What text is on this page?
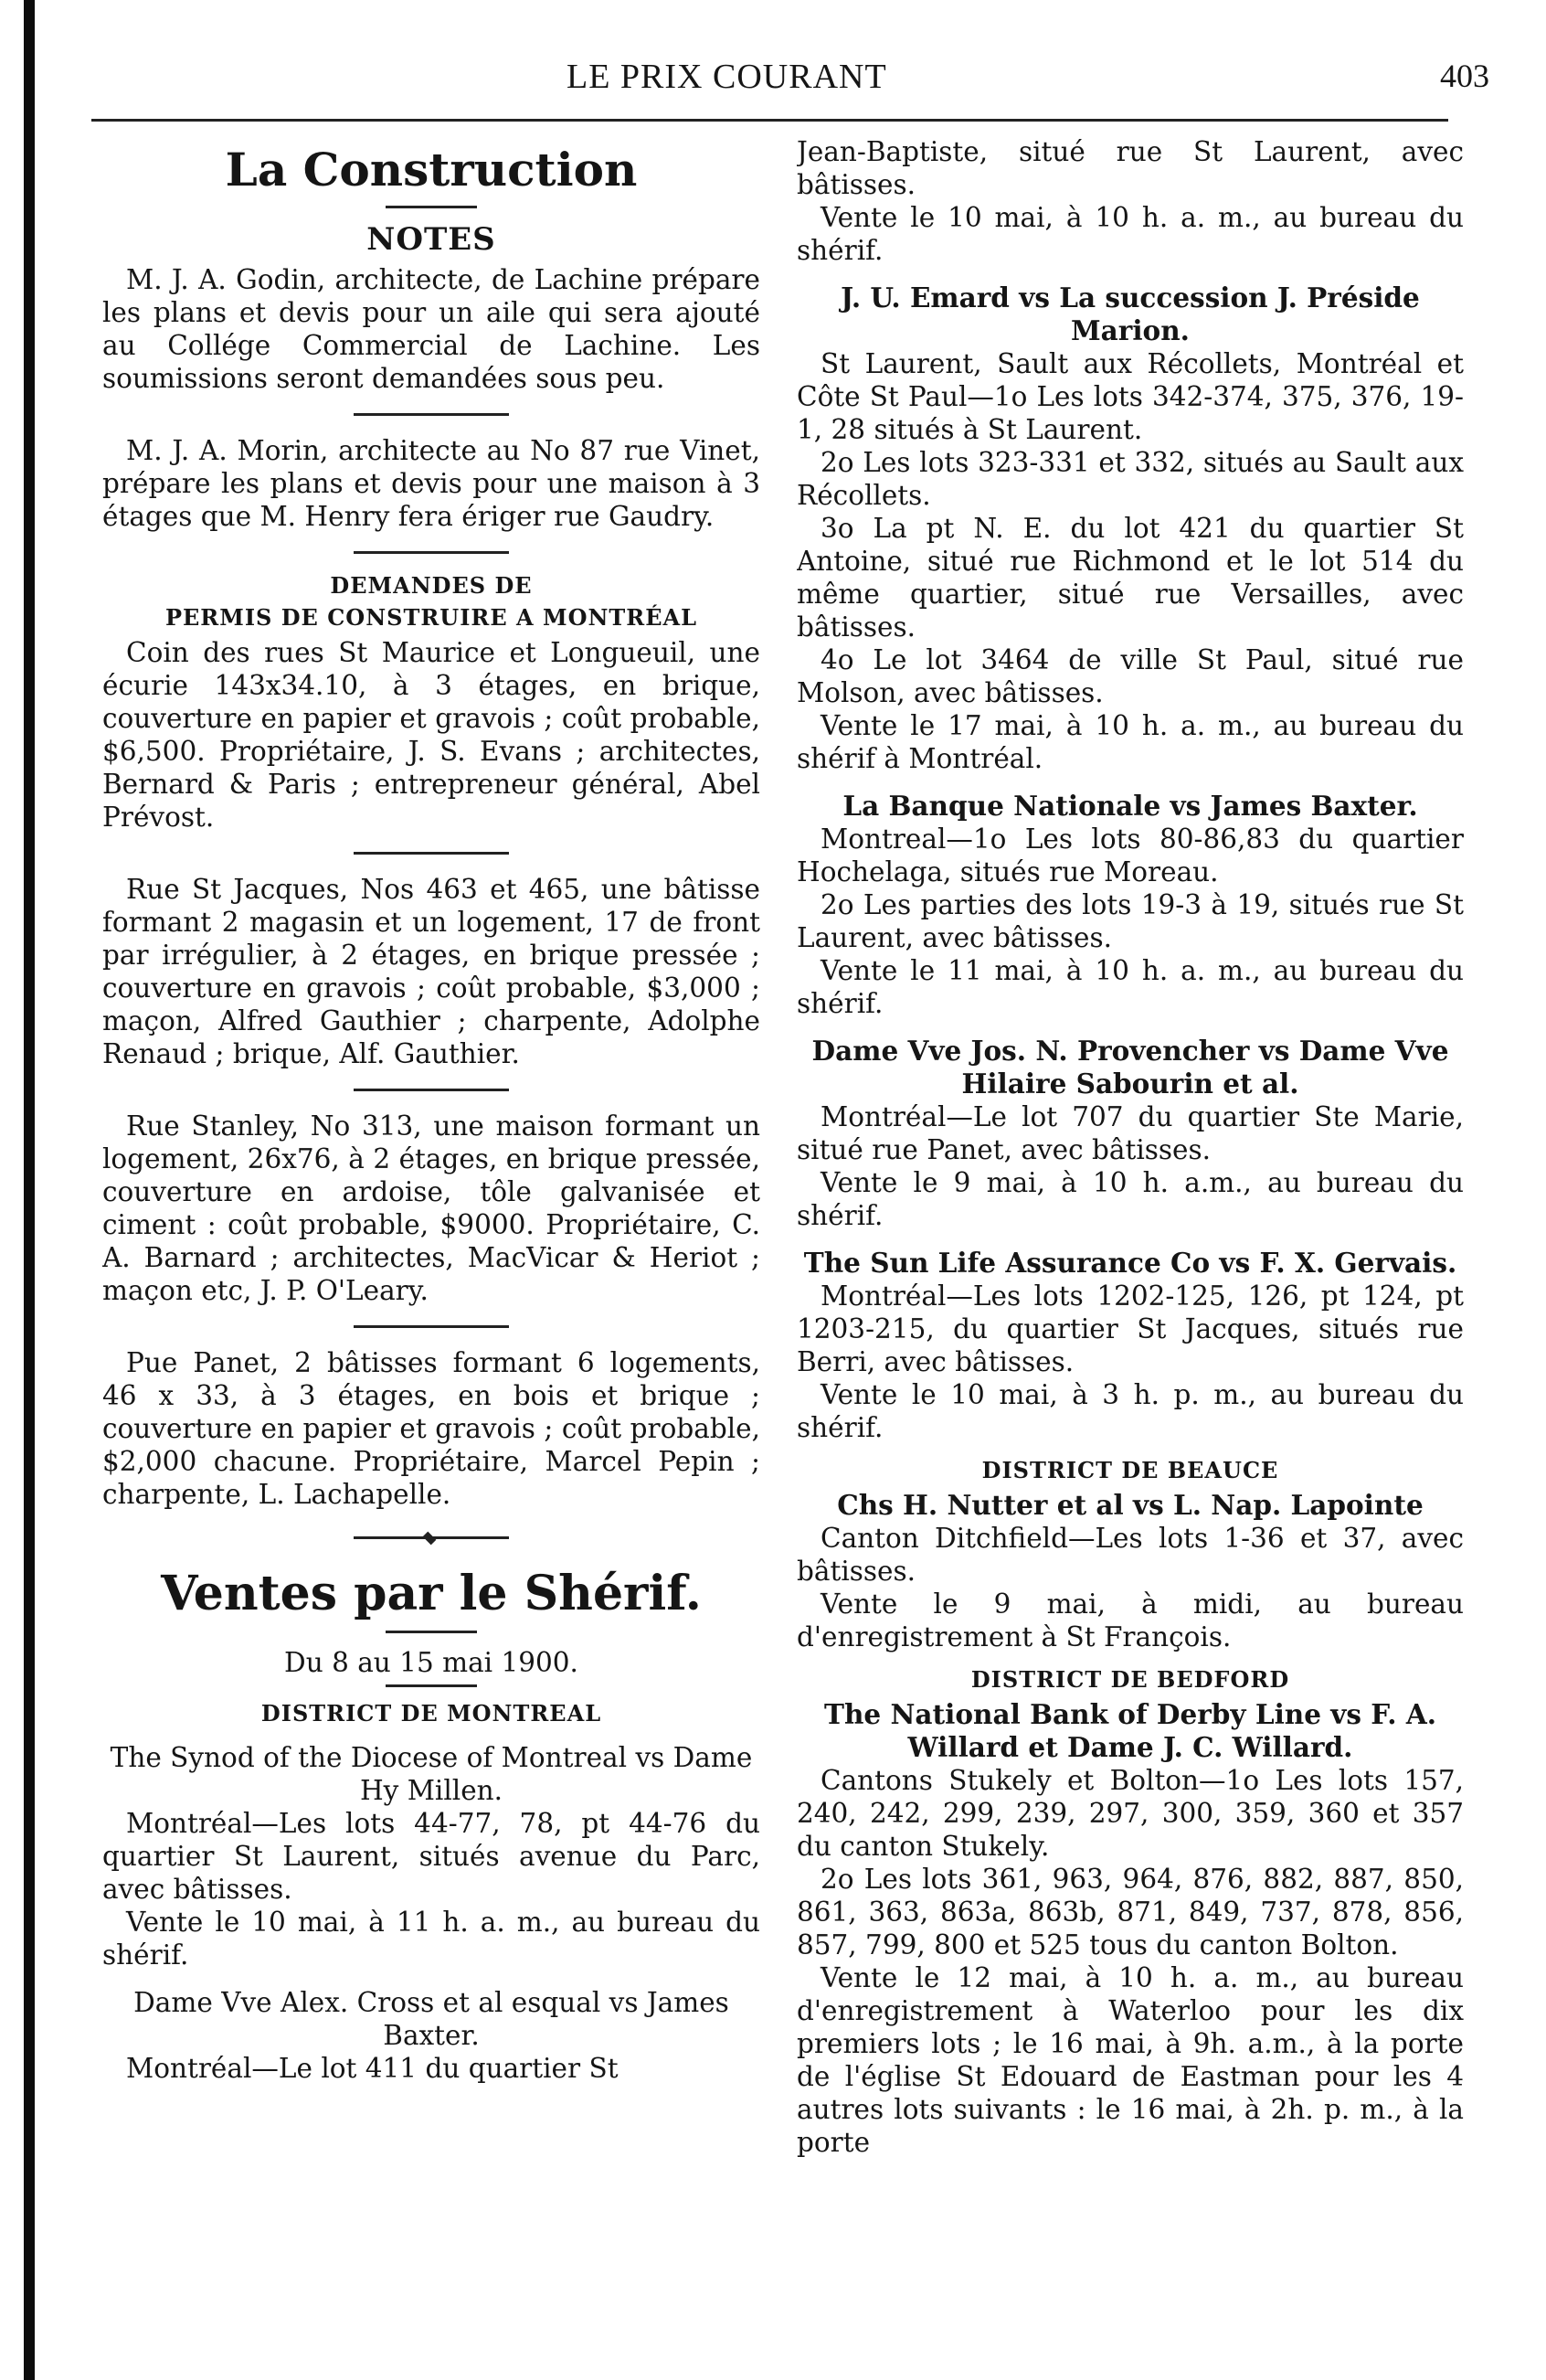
LE PRIX COURANT	403
La Construction
NOTES

M. J. A. Godin, architecte, de Lachine prépare les plans et devis pour un aile qui sera ajouté au Collége Commercial de Lachine. Les soumissions seront demandées sous peu.

M. J. A. Morin, architecte au No 87 rue Vinet, prépare les plans et devis pour une maison à 3 étages que M. Henry fera ériger rue Gaudry.

DEMANDES DE
PERMIS DE CONSTRUIRE A MONTRÉAL

Coin des rues St Maurice et Longueuil, une écurie 143x34.10, à 3 étages, en brique, couverture en papier et gravois ; coût probable, $6,500. Propriétaire, J. S. Evans ; architectes, Bernard & Paris ; entrepreneur général, Abel Prévost.

Rue St Jacques, Nos 463 et 465, une bâtisse formant 2 magasin et un logement, 17 de front par irrégulier, à 2 étages, en brique pressée ; couverture en gravois ; coût probable, $3,000 ; maçon, Alfred Gauthier ; charpente, Adolphe Renaud ; brique, Alf. Gauthier.

Rue Stanley, No 313, une maison formant un logement, 26x76, à 2 étages, en brique pressée, couverture en ardoise, tôle galvanisée et ciment : coût probable, $9000. Propriétaire, C. A. Barnard ; architectes, MacVicar & Heriot ; maçon etc, J. P. O'Leary.

Pue Panet, 2 bâtisses formant 6 logements, 46 x 33, à 3 étages, en bois et brique ; couverture en papier et gravois ; coût probable, $2,000 chacune. Propriétaire, Marcel Pepin ; charpente, L. Lachapelle.

Ventes par le Shérif.
Du 8 au 15 mai 1900.
DISTRICT DE MONTREAL
The Synod of the Diocese of Montreal vs Dame Hy Millen.

Montréal—Les lots 44-77, 78, pt 44-76 du quartier St Laurent, situés avenue du Parc, avec bâtisses.

Vente le 10 mai, à 11 h. a. m., au bureau du shérif.

Dame Vve Alex. Cross et al esqual vs James Baxter.

Montréal—Le lot 411 du quartier St

Jean-Baptiste, situé rue St Laurent, avec bâtisses.

Vente le 10 mai, à 10 h. a. m., au bureau du shérif.

J. U. Emard vs La succession J. Préside Marion.

St Laurent, Sault aux Récollets, Montréal et Côte St Paul—1o Les lots 342-374, 375, 376, 19-1, 28 situés à St Laurent.

2o Les lots 323-331 et 332, situés au Sault aux Récollets.

3o La pt N. E. du lot 421 du quartier St Antoine, situé rue Richmond et le lot 514 du même quartier, situé rue Versailles, avec bâtisses.

4o Le lot 3464 de ville St Paul, situé rue Molson, avec bâtisses.

Vente le 17 mai, à 10 h. a. m., au bureau du shérif à Montréal.

La Banque Nationale vs James Baxter.

Montreal—1o Les lots 80-86,83 du quartier Hochelaga, situés rue Moreau.

2o Les parties des lots 19-3 à 19, situés rue St Laurent, avec bâtisses.

Vente le 11 mai, à 10 h. a. m., au bureau du shérif.

Dame Vve Jos. N. Provencher vs Dame Vve Hilaire Sabourin et al.

Montréal—Le lot 707 du quartier Ste Marie, situé rue Panet, avec bâtisses.

Vente le 9 mai, à 10 h. a.m., au bureau du shérif.

The Sun Life Assurance Co vs F. X. Gervais.

Montréal—Les lots 1202-125, 126, pt 124, pt 1203-215, du quartier St Jacques, situés rue Berri, avec bâtisses.

Vente le 10 mai, à 3 h. p. m., au bureau du shérif.

DISTRICT DE BEAUCE
Chs H. Nutter et al vs L. Nap. Lapointe

Canton Ditchfield—Les lots 1-36 et 37, avec bâtisses.

Vente le 9 mai, à midi, au bureau d'enregistrement à St François.

DISTRICT DE BEDFORD
The National Bank of Derby Line vs F. A. Willard et Dame J. C. Willard.

Cantons Stukely et Bolton—1o Les lots 157, 240, 242, 299, 239, 297, 300, 359, 360 et 357 du canton Stukely.

2o Les lots 361, 963, 964, 876, 882, 887, 850, 861, 363, 863a, 863b, 871, 849, 737, 878, 856, 857, 799, 800 et 525 tous du canton Bolton.

Vente le 12 mai, à 10 h. a. m., au bureau d'enregistrement à Waterloo pour les dix premiers lots ; le 16 mai, à 9h. a.m., à la porte de l'église St Edouard de Eastman pour les 4 autres lots suivants : le 16 mai, à 2h. p. m., à la porte
